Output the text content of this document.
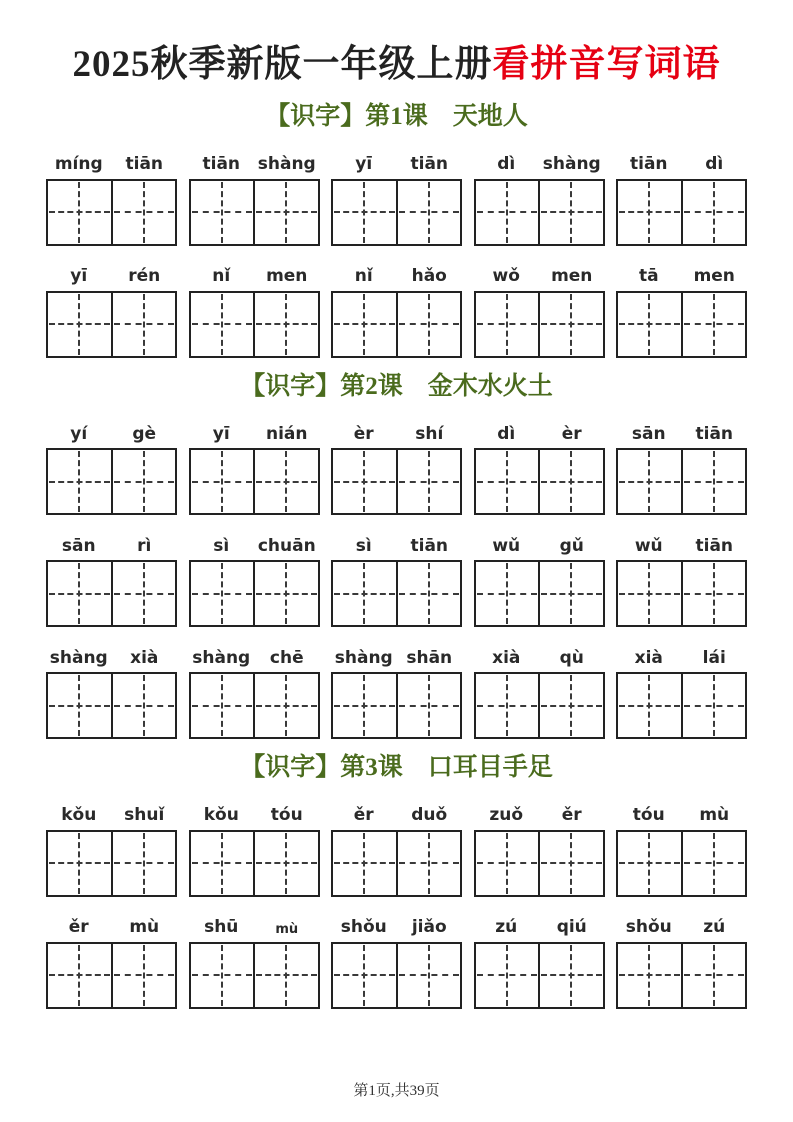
2025秋季新版一年级上册看拼音写词语
【识字】第1课　天地人
míng	tiān	tiān	shàng	yī	tiān	dì	shàng	tiān	dì
yī	rén	nǐ	men	nǐ	hǎo	wǒ	men	tā	men
【识字】第2课　金木水火土
yí	gè	yī	nián	èr	shí	dì	èr	sān	tiān
sān	rì	sì	chuān	sì	tiān	wǔ	gǔ	wǔ	tiān
shàng	xià	shàng	chē	shàng shān	xià	qù	xià	lái
【识字】第3课　口耳目手足
kǒu	shuǐ	kǒu	tóu	ěr	duǒ	zuǒ	ěr	tóu	mù
ěr	mù	shū	mù	shǒu	jiǎo	zú	qiú	shǒu	zú
第1页,共39页
